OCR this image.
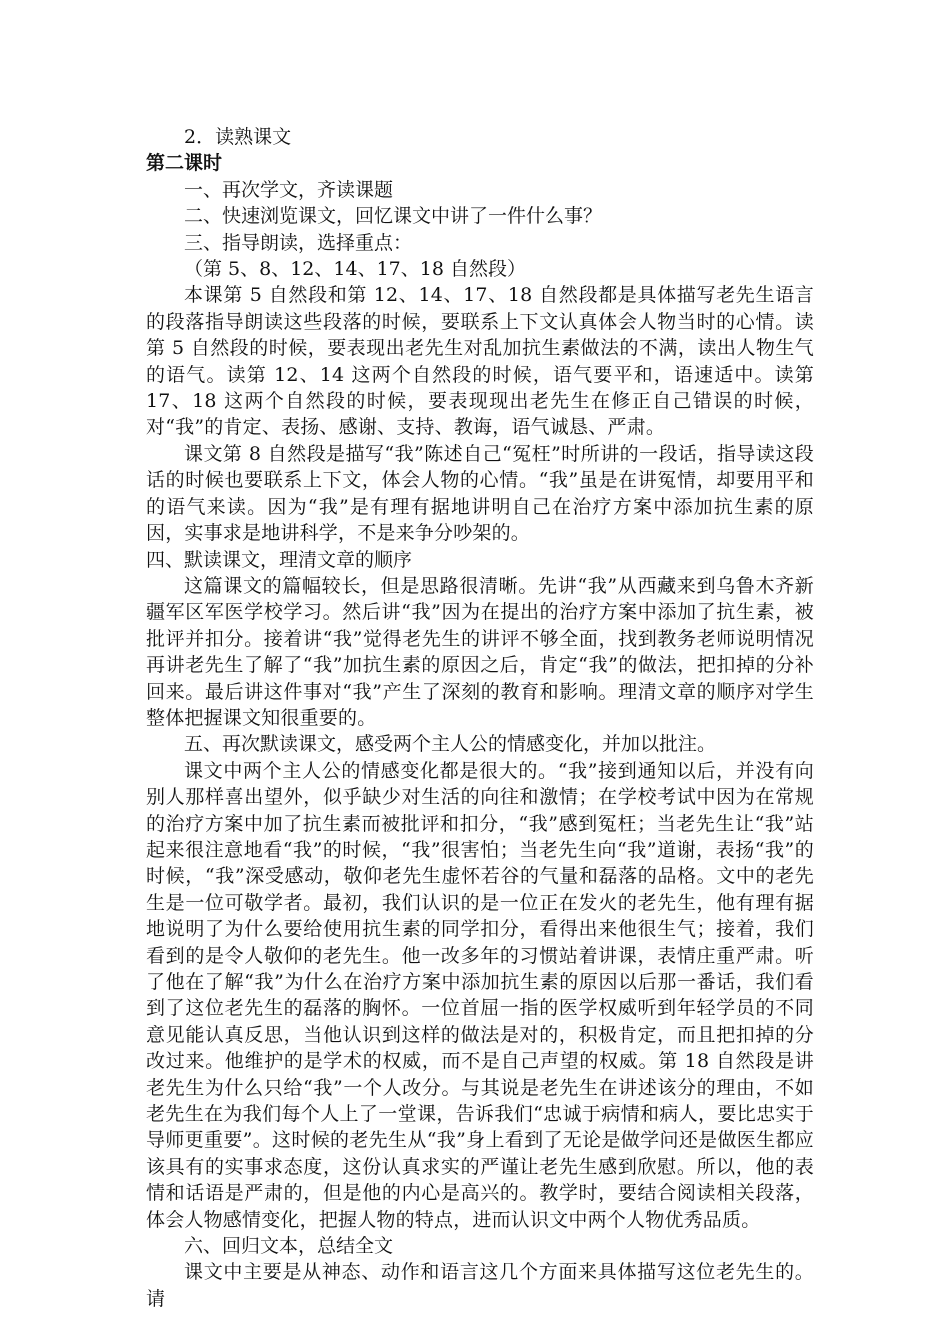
2．读熟课文

第二课时

一、再次学文，齐读课题

二、快速浏览课文，回忆课文中讲了一件什么事？

三、指导朗读，选择重点：

（第 5、8、12、14、17、18 自然段）

本课第 5 自然段和第 12、14、17、18 自然段都是具体描写老先生语言的段落指导朗读这些段落的时候，要联系上下文认真体会人物当时的心情。读第 5 自然段的时候，要表现出老先生对乱加抗生素做法的不满，读出人物生气的语气。读第 12、14 这两个自然段的时候，语气要平和，语速适中。读第 17、18 这两个自然段的时候，要表现现出老先生在修正自己错误的时候，对“我”的肯定、表扬、感谢、支持、教诲，语气诚恳、严肃。

课文第 8 自然段是描写“我”陈述自己“冤枉”时所讲的一段话，指导读这段话的时候也要联系上下文，体会人物的心情。“我”虽是在讲冤情，却要用平和的语气来读。因为“我”是有理有据地讲明自己在治疗方案中添加抗生素的原因，实事求是地讲科学，不是来争分吵架的。

四、默读课文，理清文章的顺序

这篇课文的篇幅较长，但是思路很清晰。先讲“我”从西藏来到乌鲁木齐新疆军区军医学校学习。然后讲“我”因为在提出的治疗方案中添加了抗生素，被批评并扣分。接着讲“我”觉得老先生的讲评不够全面，找到教务老师说明情况再讲老先生了解了“我”加抗生素的原因之后，肯定“我”的做法，把扣掉的分补回来。最后讲这件事对“我”产生了深刻的教育和影响。理清文章的顺序对学生整体把握课文知很重要的。

五、再次默读课文，感受两个主人公的情感变化，并加以批注。

课文中两个主人公的情感变化都是很大的。“我”接到通知以后，并没有向别人那样喜出望外，似乎缺少对生活的向往和激情；在学校考试中因为在常规的治疗方案中加了抗生素而被批评和扣分，“我”感到冤枉；当老先生让“我”站起来很注意地看“我”的时候，“我”很害怕；当老先生向“我”道谢，表扬“我”的时候，“我”深受感动，敬仰老先生虚怀若谷的气量和磊落的品格。文中的老先生是一位可敬学者。最初，我们认识的是一位正在发火的老先生，他有理有据地说明了为什么要给使用抗生素的同学扣分，看得出来他很生气；接着，我们看到的是令人敬仰的老先生。他一改多年的习惯站着讲课，表情庄重严肃。听了他在了解“我”为什么在治疗方案中添加抗生素的原因以后那一番话，我们看到了这位老先生的磊落的胸怀。一位首屈一指的医学权威听到年轻学员的不同意见能认真反思，当他认识到这样的做法是对的，积极肯定，而且把扣掉的分改过来。他维护的是学术的权威，而不是自己声望的权威。第 18 自然段是讲老先生为什么只给“我”一个人改分。与其说是老先生在讲述该分的理由，不如老先生在为我们每个人上了一堂课，告诉我们“忠诚于病情和病人，要比忠实于导师更重要”。这时候的老先生从“我”身上看到了无论是做学问还是做医生都应该具有的实事求态度，这份认真求实的严谨让老先生感到欣慰。所以，他的表情和话语是严肃的，但是他的内心是高兴的。教学时，要结合阅读相关段落，体会人物感情变化，把握人物的特点，进而认识文中两个人物优秀品质。

六、回归文本，总结全文

课文中主要是从神态、动作和语言这几个方面来具体描写这位老先生的。请
